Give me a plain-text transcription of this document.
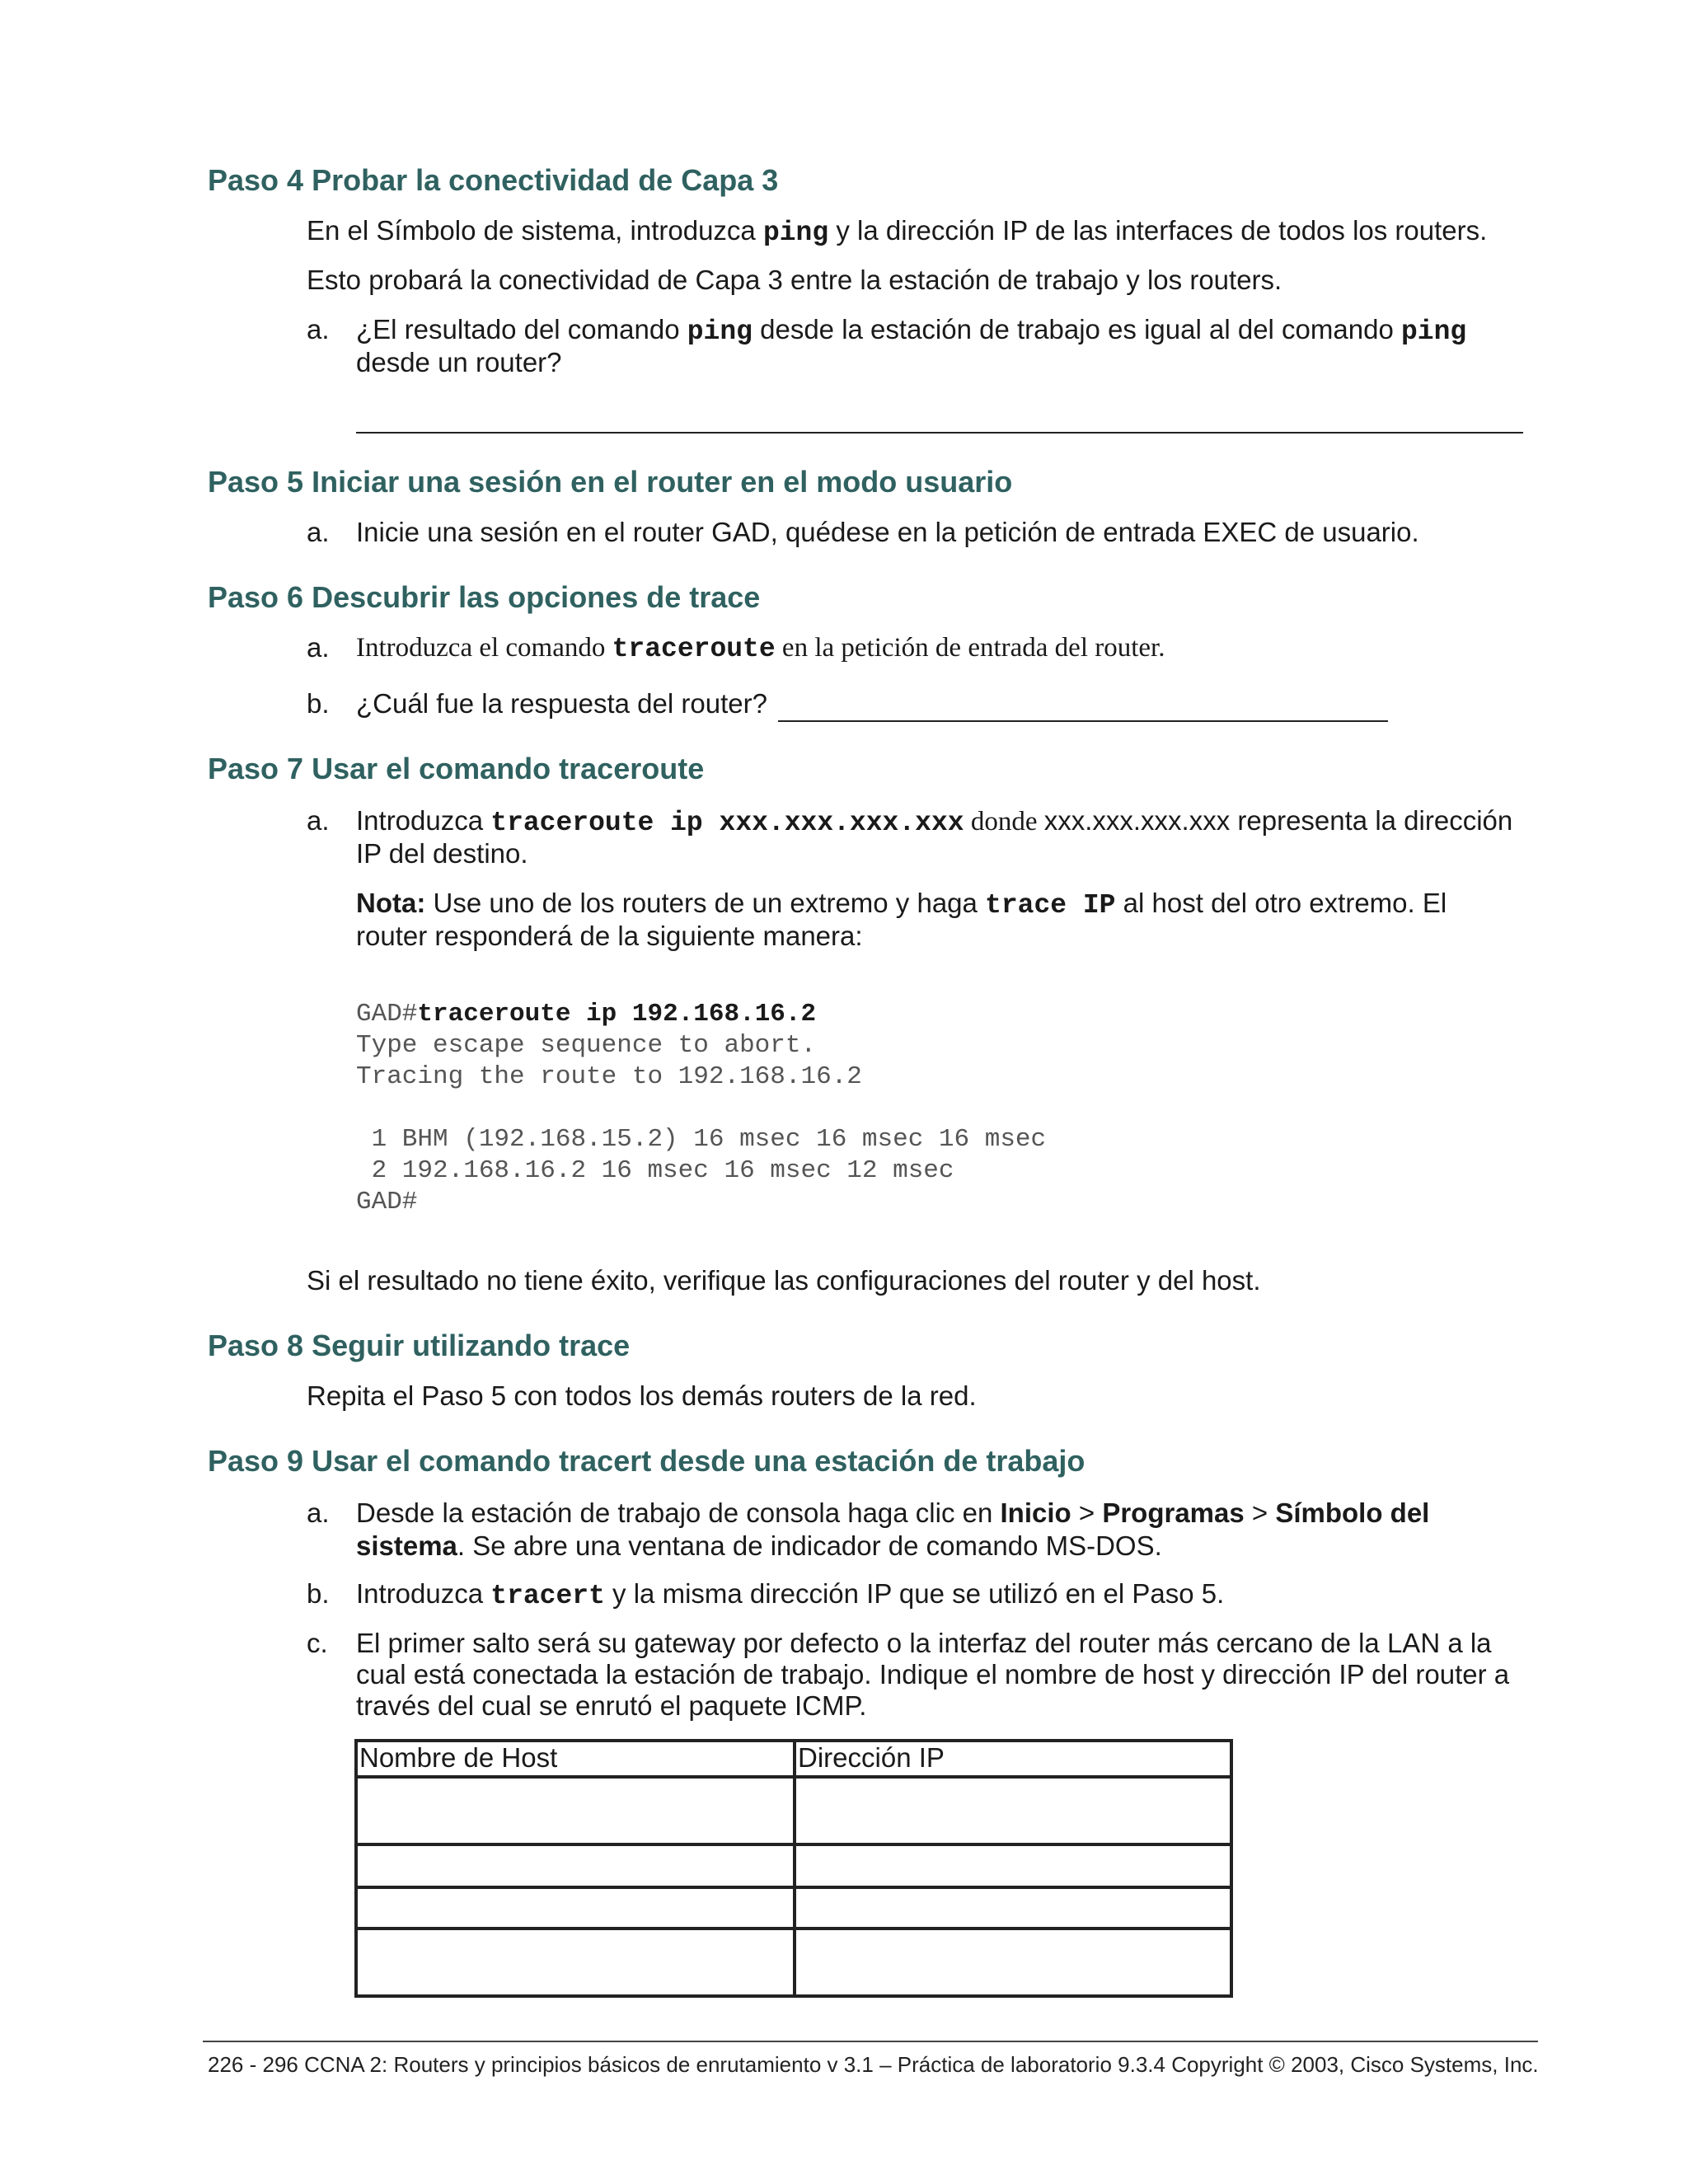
Paso 4 Probar la conectividad de Capa 3

En el Símbolo de sistema, introduzca ping y la dirección IP de las interfaces de todos los routers.

Esto probará la conectividad de Capa 3 entre la estación de trabajo y los routers.

a. ¿El resultado del comando ping desde la estación de trabajo es igual al del comando ping

desde un router?

Paso 5 Iniciar una sesión en el router en el modo usuario
a. Inicie una sesión en el router GAD, quédese en la petición de entrada EXEC de usuario.
Paso 6 Descubrir las opciones de trace
a. Introduzca el comando traceroute en la petición de entrada del router.
b. ¿Cuál fue la respuesta del router?
Paso 7 Usar el comando traceroute
a. Introduzca traceroute ip xxx.xxx.xxx.xxx donde xxx.xxx.xxx.xxx representa la dirección

IP del destino.

Nota: Use uno de los routers de un extremo y haga trace IP al host del otro extremo. El

router responderá de la siguiente manera:

GAD#traceroute ip 192.168.16.2
Type escape sequence to abort.
Tracing the route to 192.168.16.2

1 BHM (192.168.15.2) 16 msec 16 msec 16 msec
2 192.168.16.2 16 msec 16 msec 12 msec
GAD#

Si el resultado no tiene éxito, verifique las configuraciones del router y del host.

Paso 8 Seguir utilizando trace

Repita el Paso 5 con todos los demás routers de la red.

Paso 9 Usar el comando tracert desde una estación de trabajo
a. Desde la estación de trabajo de consola haga clic en Inicio > Programas > Símbolo del

sistema. Se abre una ventana de indicador de comando MS-DOS.

b. Introduzca tracert y la misma dirección IP que se utilizó en el Paso 5.
c. El primer salto será su gateway por defecto o la interfaz del router más cercano de la LAN a la

cual está conectada la estación de trabajo. Indique el nombre de host y dirección IP del router a

través del cual se enrutó el paquete ICMP.

Nombre de Host	Dirección IP

226 - 296 CCNA 2: Routers y principios básicos de enrutamiento v 3.1 – Práctica de laboratorio 9.3.4 Copyright © 2003, Cisco Systems, Inc.
